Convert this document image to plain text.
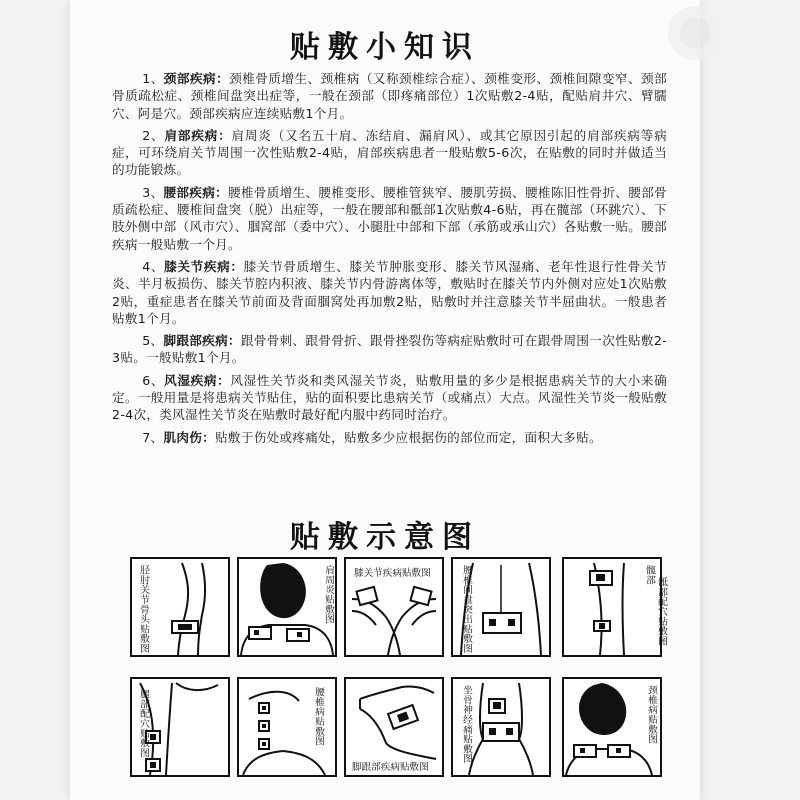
贴敷小知识

1、颈部疾病：颈椎骨质增生、颈椎病（又称颈椎综合症）、颈椎变形、颈椎间隙变窄、颈部骨质疏松症、颈椎间盘突出症等，一般在颈部（即疼痛部位）1次贴敷2-4贴，配贴肩井穴、臂臑穴、阿是穴。颈部疾病应连续贴敷1个月。

2、肩部疾病：肩周炎（又名五十肩、冻结肩、漏肩风）、或其它原因引起的肩部疾病等病症，可环绕肩关节周围一次性贴敷2-4贴，肩部疾病患者一般贴敷5-6次，在贴敷的同时并做适当的功能锻炼。

3、腰部疾病：腰椎骨质增生、腰椎变形、腰椎管狭窄、腰肌劳损、腰椎陈旧性骨折、腰部骨质疏松症、腰椎间盘突（脱）出症等，一般在腰部和骶部1次贴敷4-6贴，再在髋部（环跳穴）、下肢外侧中部（风市穴）、腘窝部（委中穴）、小腿肚中部和下部（承筋或承山穴）各贴敷一贴。腰部疾病一般贴敷一个月。

4、膝关节疾病：膝关节骨质增生、膝关节肿胀变形、膝关节风湿痛、老年性退行性骨关节炎、半月板损伤、膝关节腔内积液、膝关节内骨游离体等，敷贴时在膝关节内外侧对应处1次贴敷2贴，重症患者在膝关节前面及背面腘窝处再加敷2贴，贴敷时并注意膝关节半屈曲状。一般患者贴敷1个月。

5、脚跟部疾病：跟骨骨刺、跟骨骨折、跟骨挫裂伤等病症贴敷时可在跟骨周围一次性贴敷2-3贴。一般贴敷1个月。

6、风湿疾病：风湿性关节炎和类风湿关节炎，贴敷用量的多少是根据患病关节的大小来确定。一般用量是将患病关节贴住，贴的面积要比患病关节（或痛点）大点。风湿性关节炎一般贴敷2-4次，类风湿性关节炎在贴敷时最好配内服中药同时治疗。

7、肌肉伤：贴敷于伤处或疼痛处，贴敷多少应根据伤的部位而定，面积大多贴。

贴敷示意图
胫肘关节骨头贴敷图	肩周炎贴敷图 膝关节疾病贴敷图	腰椎间盘突出贴敷图	髋部
骶部配穴贴敷图
腿部配穴贴敷图	腰椎病贴敷图
脚跟部疾病贴敷图
坐骨神经痛贴敷图	颈椎病贴敷图
